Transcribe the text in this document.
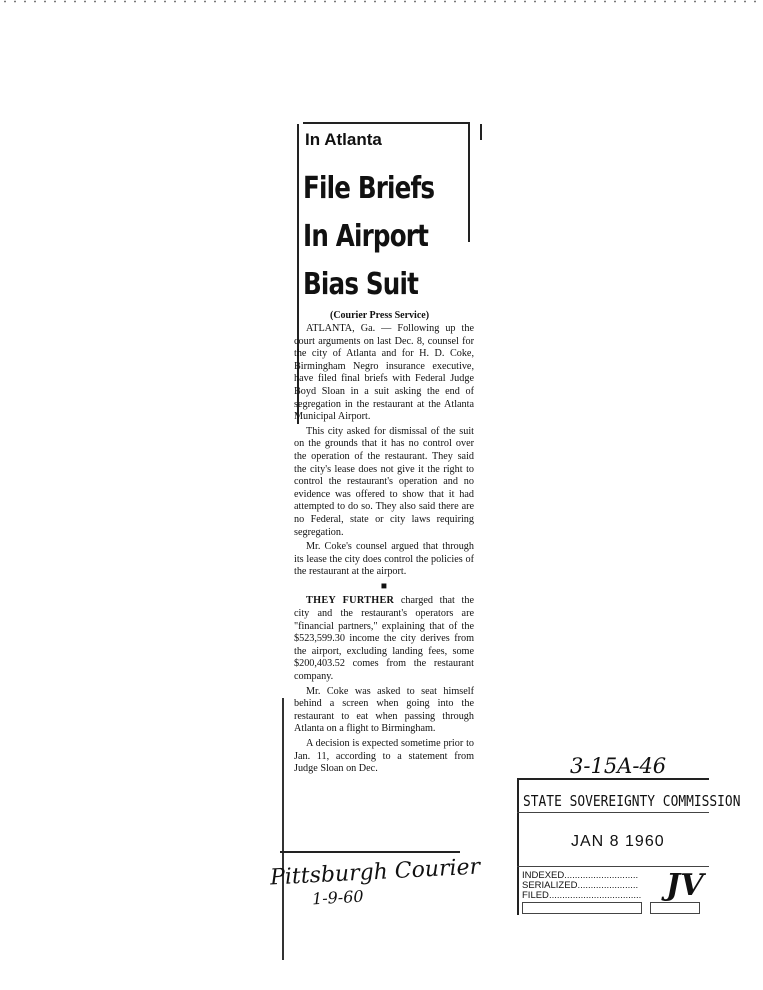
In Atlanta
File Briefs
In Airport
Bias Suit
(Courier Press Service)

ATLANTA, Ga. — Following up the court arguments on last Dec. 8, counsel for the city of Atlanta and for H. D. Coke, Birmingham Negro insurance executive, have filed final briefs with Federal Judge Boyd Sloan in a suit asking the end of segregation in the restaurant at the Atlanta Municipal Airport.

This city asked for dismissal of the suit on the grounds that it has no control over the operation of the restaurant. They said the city's lease does not give it the right to control the restaurant's operation and no evidence was offered to show that it had attempted to do so. They also said there are no Federal, state or city laws requiring segregation.

Mr. Coke's counsel argued that through its lease the city does control the policies of the restaurant at the airport.

■

THEY FURTHER charged that the city and the restaurant's operators are "financial partners," explaining that of the $523,599.30 income the city derives from the airport, excluding landing fees, some $200,403.52 comes from the restaurant company.

Mr. Coke was asked to seat himself behind a screen when going into the restaurant to eat when passing through Atlanta on a flight to Birmingham.

A decision is expected sometime prior to Jan. 11, according to a statement from Judge Sloan on Dec.

Pittsburgh Courier
1-9-60
3-15A-46
STATE SOVEREIGNTY COMMISSION
JAN 8 1960
INDEXED............................
SERIALIZED.......................
FILED................................... JV
